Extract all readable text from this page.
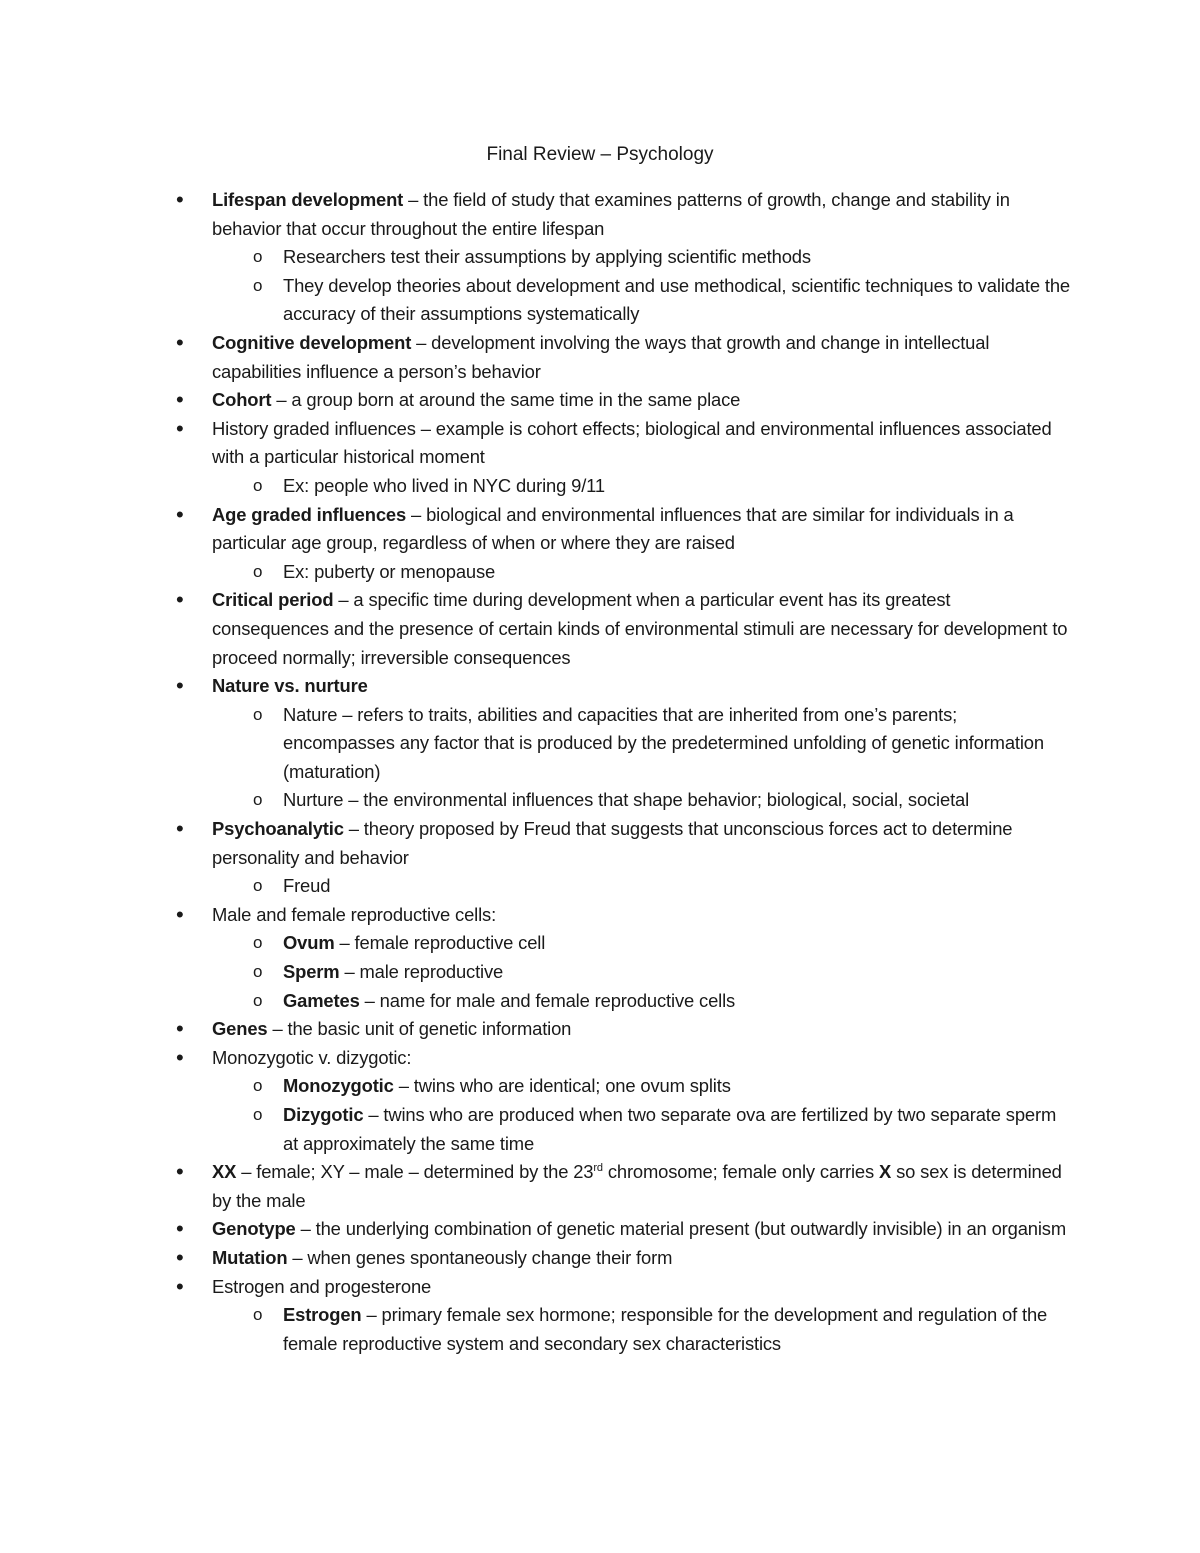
Final Review – Psychology
• Lifespan development – the field of study that examines patterns of growth, change and stability in behavior that occur throughout the entire lifespan
o Researchers test their assumptions by applying scientific methods
o They develop theories about development and use methodical, scientific techniques to validate the accuracy of their assumptions systematically
• Cognitive development – development involving the ways that growth and change in intellectual capabilities influence a person’s behavior
• Cohort – a group born at around the same time in the same place
• History graded influences – example is cohort effects; biological and environmental influences associated with a particular historical moment
o Ex: people who lived in NYC during 9/11
• Age graded influences – biological and environmental influences that are similar for individuals in a particular age group, regardless of when or where they are raised
o Ex: puberty or menopause
• Critical period – a specific time during development when a particular event has its greatest consequences and the presence of certain kinds of environmental stimuli are necessary for development to proceed normally; irreversible consequences
• Nature vs. nurture
o Nature – refers to traits, abilities and capacities that are inherited from one’s parents; encompasses any factor that is produced by the predetermined unfolding of genetic information (maturation)
o Nurture – the environmental influences that shape behavior; biological, social, societal
• Psychoanalytic – theory proposed by Freud that suggests that unconscious forces act to determine personality and behavior
o Freud
• Male and female reproductive cells:
o Ovum – female reproductive cell
o Sperm – male reproductive
o Gametes – name for male and female reproductive cells
• Genes – the basic unit of genetic information
• Monozygotic v. dizygotic:
o Monozygotic – twins who are identical; one ovum splits
o Dizygotic – twins who are produced when two separate ova are fertilized by two separate sperm at approximately the same time
• XX – female; XY – male – determined by the 23rd chromosome; female only carries X so sex is determined by the male
• Genotype – the underlying combination of genetic material present (but outwardly invisible) in an organism
• Mutation – when genes spontaneously change their form
• Estrogen and progesterone
o Estrogen – primary female sex hormone; responsible for the development and regulation of the female reproductive system and secondary sex characteristics
